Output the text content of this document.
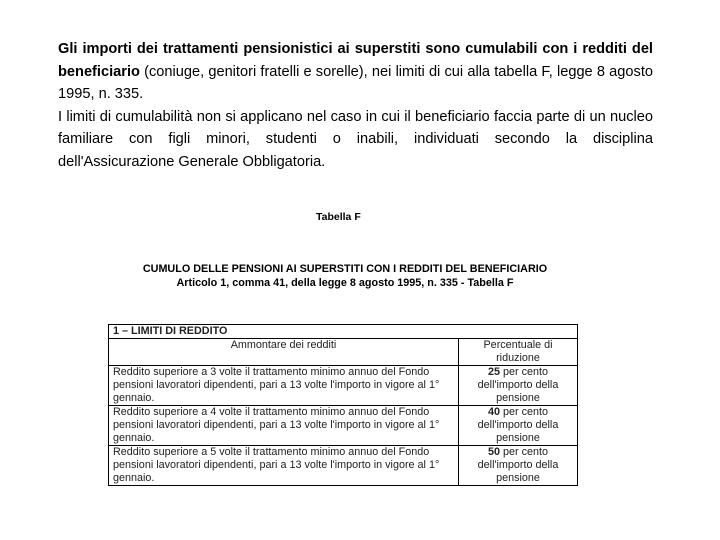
Gli importi dei trattamenti pensionistici ai superstiti sono cumulabili con i redditi del beneficiario (coniuge, genitori fratelli e sorelle), nei limiti di cui alla tabella F, legge 8 agosto 1995, n. 335.

I limiti di cumulabilità non si applicano nel caso in cui il beneficiario faccia parte di un nucleo familiare con figli minori, studenti o inabili, individuati secondo la disciplina dell'Assicurazione Generale Obbligatoria.

Tabella F
CUMULO DELLE PENSIONI AI SUPERSTITI CON I REDDITI DEL BENEFICIARIO
Articolo 1, comma 41, della legge 8 agosto 1995, n. 335 - Tabella F
1 – LIMITI DI REDDITO
Ammontare dei redditi	Percentuale di riduzione
Reddito superiore a 3 volte il trattamento minimo annuo del Fondo pensioni lavoratori dipendenti, pari a 13 volte l'importo in vigore al 1° gennaio.
25 per cento dell'importo della pensione
Reddito superiore a 4 volte il trattamento minimo annuo del Fondo pensioni lavoratori dipendenti, pari a 13 volte l'importo in vigore al 1° gennaio.
40 per cento dell'importo della pensione
Reddito superiore a 5 volte il trattamento minimo annuo del Fondo pensioni lavoratori dipendenti, pari a 13 volte l'importo in vigore al 1° gennaio.
50 per cento dell'importo della pensione
